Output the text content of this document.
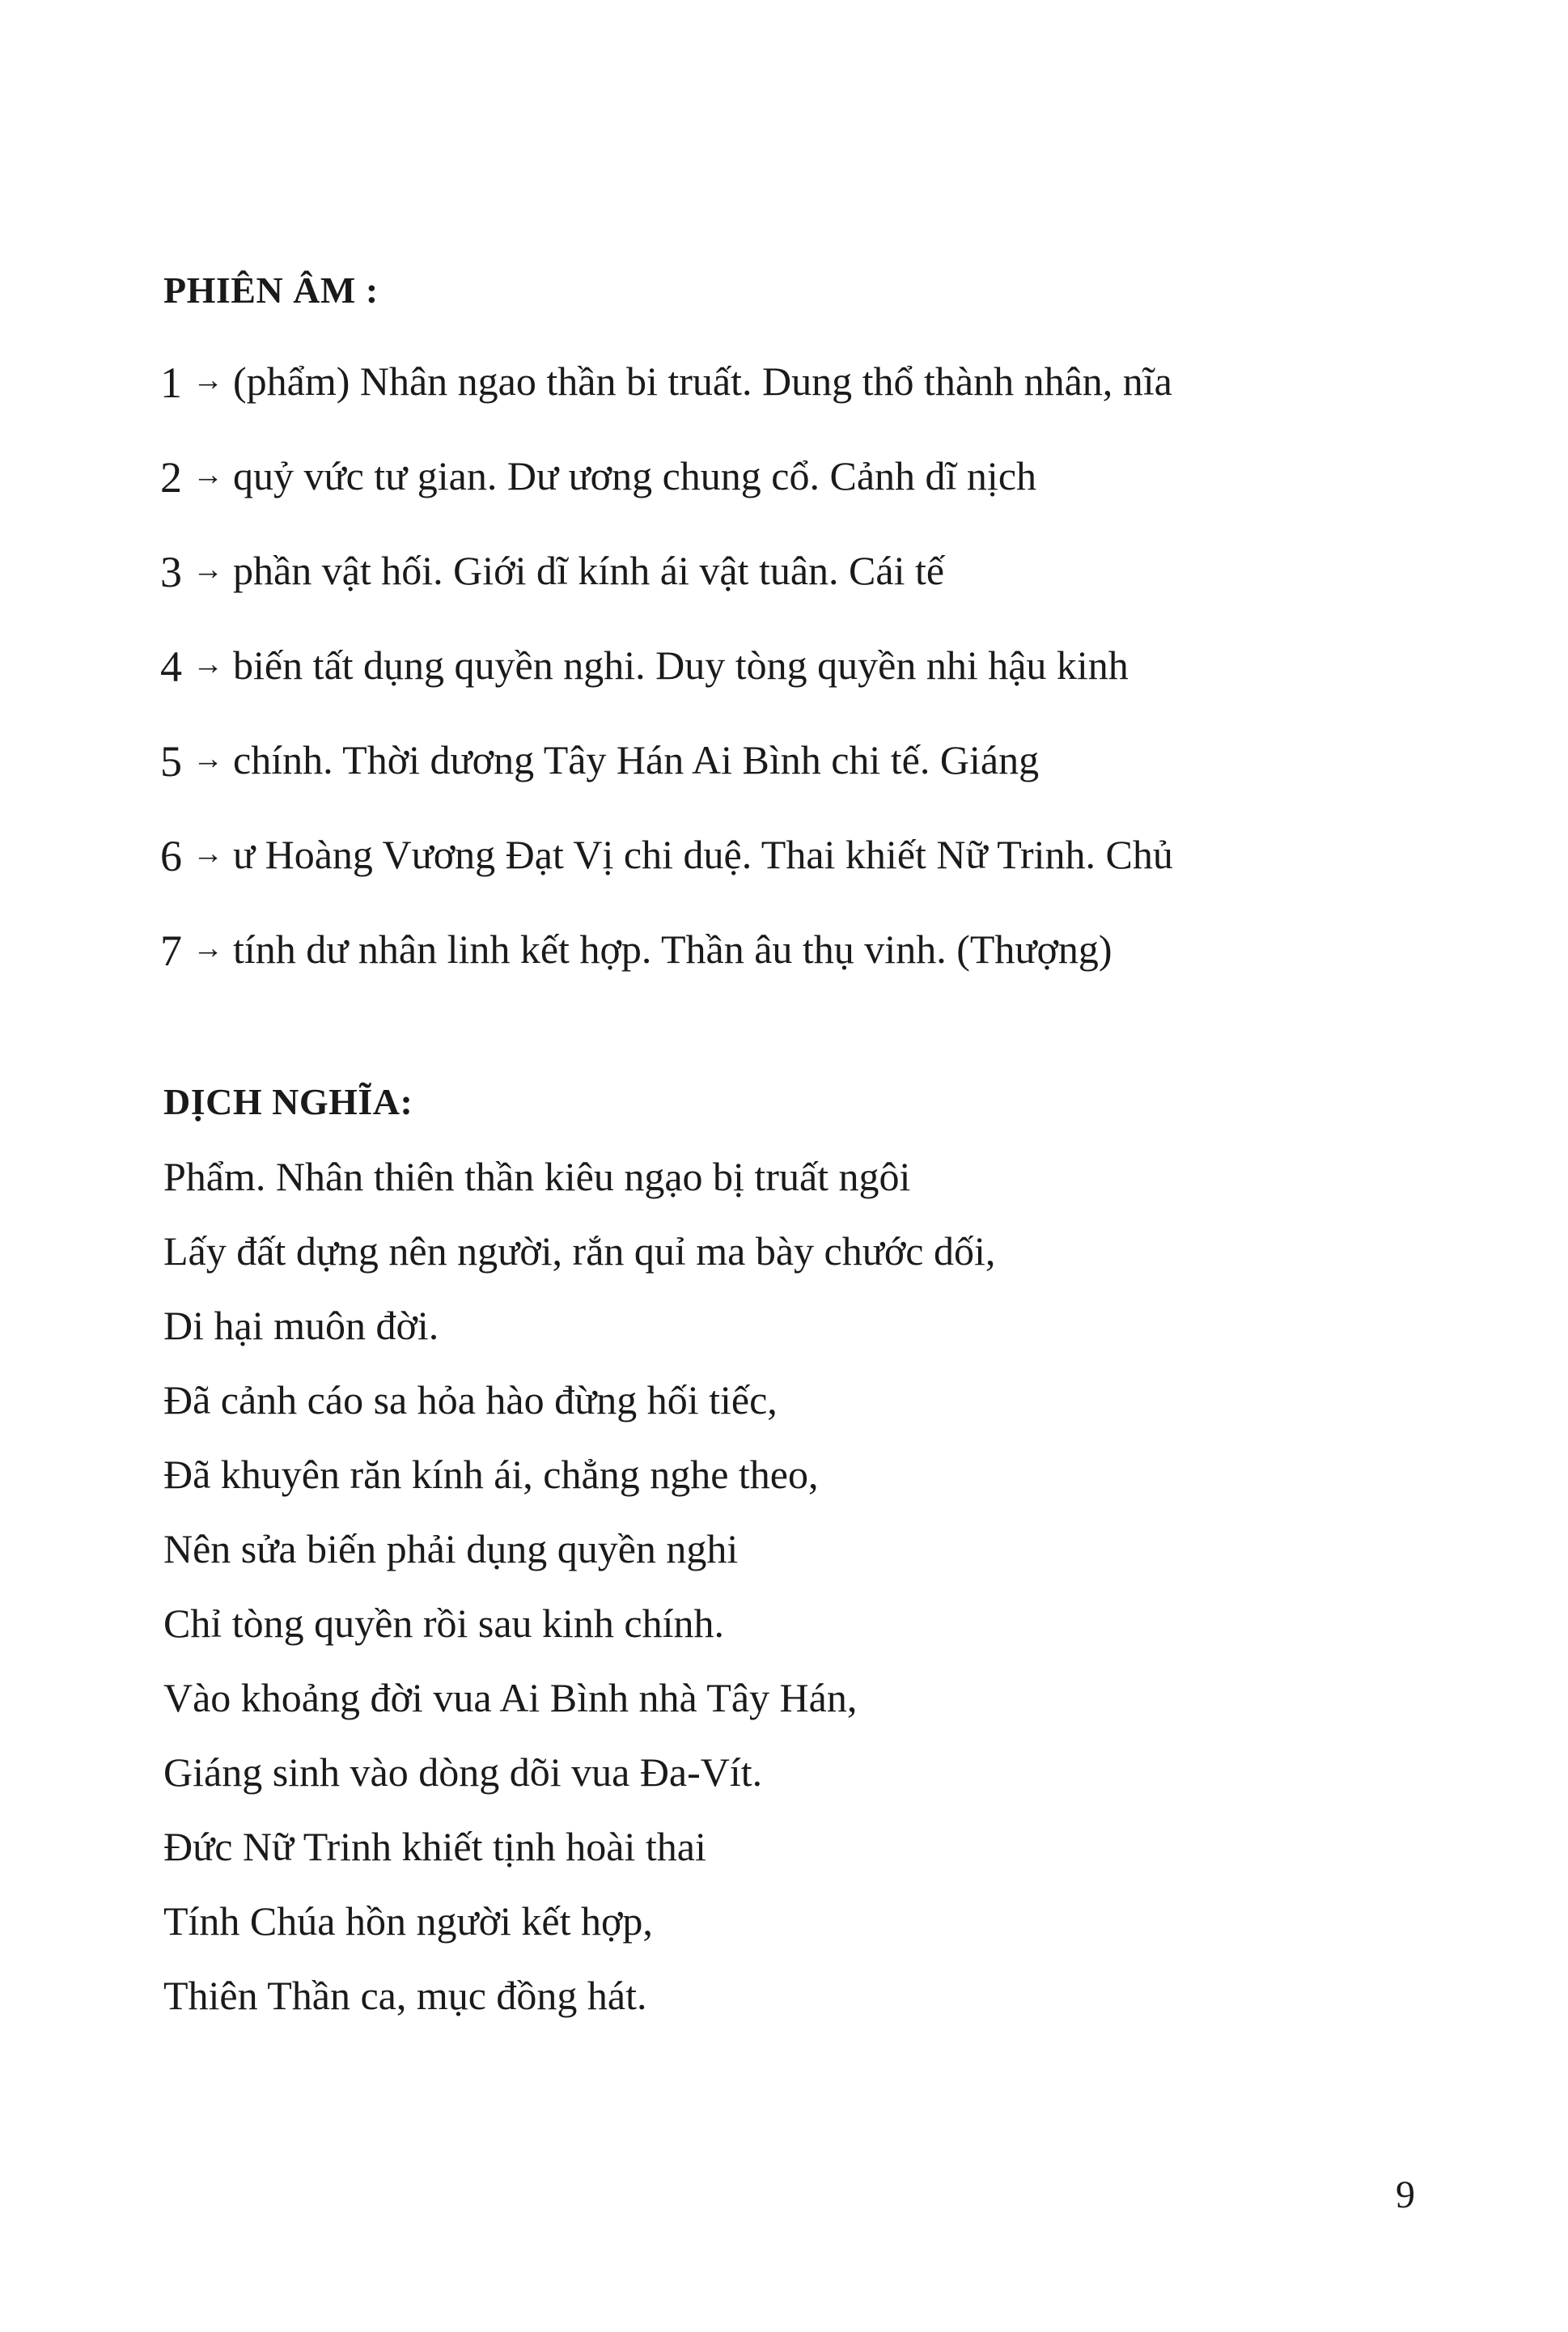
PHIÊN ÂM :
1 → (phẩm) Nhân ngao thần bi truất. Dung thổ thành nhân, nĩa
2 → quỷ vức tư gian. Dư ương chung cổ. Cảnh dĩ nịch
3 → phần vật hối. Giới dĩ kính ái vật tuân. Cái tế
4 → biến tất dụng quyền nghi. Duy tòng quyền nhi hậu kinh
5 → chính. Thời dương Tây Hán Ai Bình chi tế. Giáng
6 → ư Hoàng Vương Đạt Vị chi duệ. Thai khiết Nữ Trinh. Chủ
7 → tính dư nhân linh kết hợp. Thần âu thụ vinh. (Thượng)
DỊCH NGHĨA:
Phẩm. Nhân thiên thần kiêu ngạo bị truất ngôi
Lấy đất dựng nên người, rắn quỉ ma bày chước dối,
Di hại muôn đời.
Đã cảnh cáo sa hỏa hào đừng hối tiếc,
Đã khuyên răn kính ái, chẳng nghe theo,
Nên sửa biến phải dụng quyền nghi
Chỉ tòng quyền rồi sau kinh chính.
Vào khoảng đời vua Ai Bình nhà Tây Hán,
Giáng sinh vào dòng dõi vua Đa-Vít.
Đức Nữ Trinh khiết tịnh hoài thai
Tính Chúa hồn người kết hợp,
Thiên Thần ca, mục đồng hát.
9
